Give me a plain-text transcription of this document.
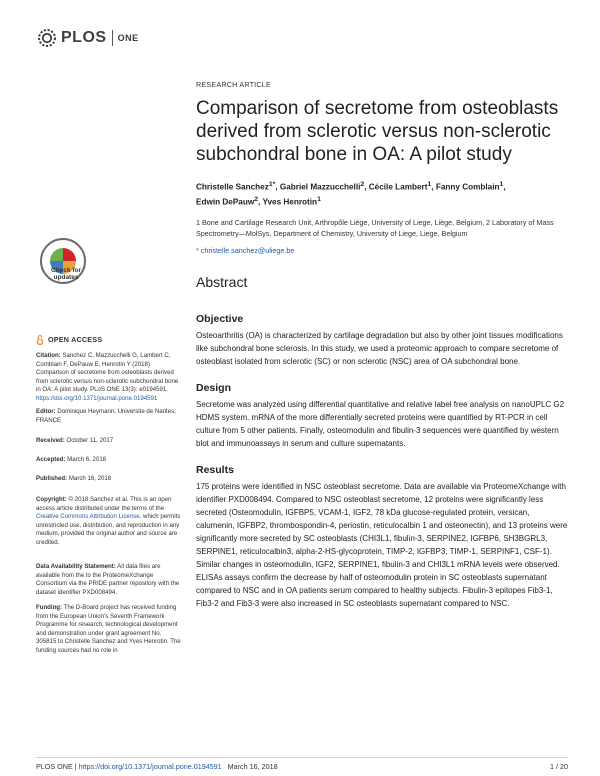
PLOS ONE
Check for updates
RESEARCH ARTICLE
Comparison of secretome from osteoblasts derived from sclerotic versus non-sclerotic subchondral bone in OA: A pilot study
Christelle Sanchez$^{1*}$, Gabriel Mazzucchelli$^2$, Cécile Lambert$^1$, Fanny Comblain$^1$,
Edwin DePauw$^2$, Yves Henrotin$^1$
1 Bone and Cartilage Research Unit, Arthropôle Liège, University of Liege, Liège, Belgium, 2 Laboratory of Mass Spectrometry—MolSys, Department of Chemistry, University of Liege, Liege, Belgium
* christelle.sanchez@uliege.be
Abstract
Objective

Osteoarthritis (OA) is characterized by cartilage degradation but also by other joint tissues modifications like subchondral bone sclerosis. In this study, we used a proteomic approach to compare secretome of osteoblast isolated from sclerotic (SC) or non sclerotic (NSC) area of OA subchondral bone.

Design

Secretome was analyzed using differential quantitative and relative label free analysis on nanoUPLC G2 HDMS system. mRNA of the more differentially secreted proteins were quantified by RT-PCR in cell culture from 5 other patients. Finally, osteomodulin and fibulin-3 sequences were quantified by western blot and immunoassays in serum and culture supernatants.

Results

175 proteins were identified in NSC osteoblast secretome. Data are available via ProteomeXchange with identifier PXD008494. Compared to NSC osteoblast secretome, 12 proteins were significantly less secreted (Osteomodulin, IGFBP5, VCAM-1, IGF2, 78 kDa glucose-regulated protein, versican, calumenin, IGFBP2, thrombospondin-4, periostin, reticulocalbin 1 and osteonectin), and 13 proteins were significantly more secreted by SC osteoblasts (CHI3L1, fibulin-3, SERPINE2, IGFBP6, SH3BGRL3, SERPINE1, reticulocalbin3, alpha-2-HS-glycoprotein, TIMP-2, IGFBP3, TIMP-1, SERPINF1, CSF-1). Similar changes in osteomodulin, IGF2, SERPINE1, fibulin-3 and CHI3L1 mRNA levels were observed. ELISAs assays confirm the decrease by half of osteomodulin protein in SC osteoblasts supernatant compared to NSC and in OA patients serum compared to healthy subjects. Fibulin-3 epitopes Fib3-1, Fib3-2 and Fib3-3 were also increased in SC osteoblasts supernatant compared to NSC.

OPEN ACCESS
Citation: Sanchez C, Mazzucchelli G, Lambert C, Comblain F, DePauw E, Henrotin Y (2018) Comparison of secretome from osteoblasts derived from sclerotic versus non-sclerotic subchondral bone in OA: A pilot study. PLoS ONE 13(3): e0194591. https://doi.org/10.1371/journal.pone.0194591
Editor: Dominique Heymann, Universite de Nantes, FRANCE
Received: October 11, 2017
Accepted: March 6, 2018
Published: March 16, 2018
Copyright: © 2018 Sanchez et al. This is an open access article distributed under the terms of the Creative Commons Attribution License, which permits unrestricted use, distribution, and reproduction in any medium, provided the original author and source are credited.
Data Availability Statement: All data files are available from the to the ProteomeXchange Consortium via the PRIDE partner repository with the dataset identifier PXD008494.
Funding: The D-Board project has received funding from the European Union's Seventh Framework Programme for research, technological development and demonstration under grant agreement No. 305815 to Christelle Sanchez and Yves Henrotin. The funding sources had no role in
PLOS ONE | https://doi.org/10.1371/journal.pone.0194591   March 16, 2018	1 / 20
